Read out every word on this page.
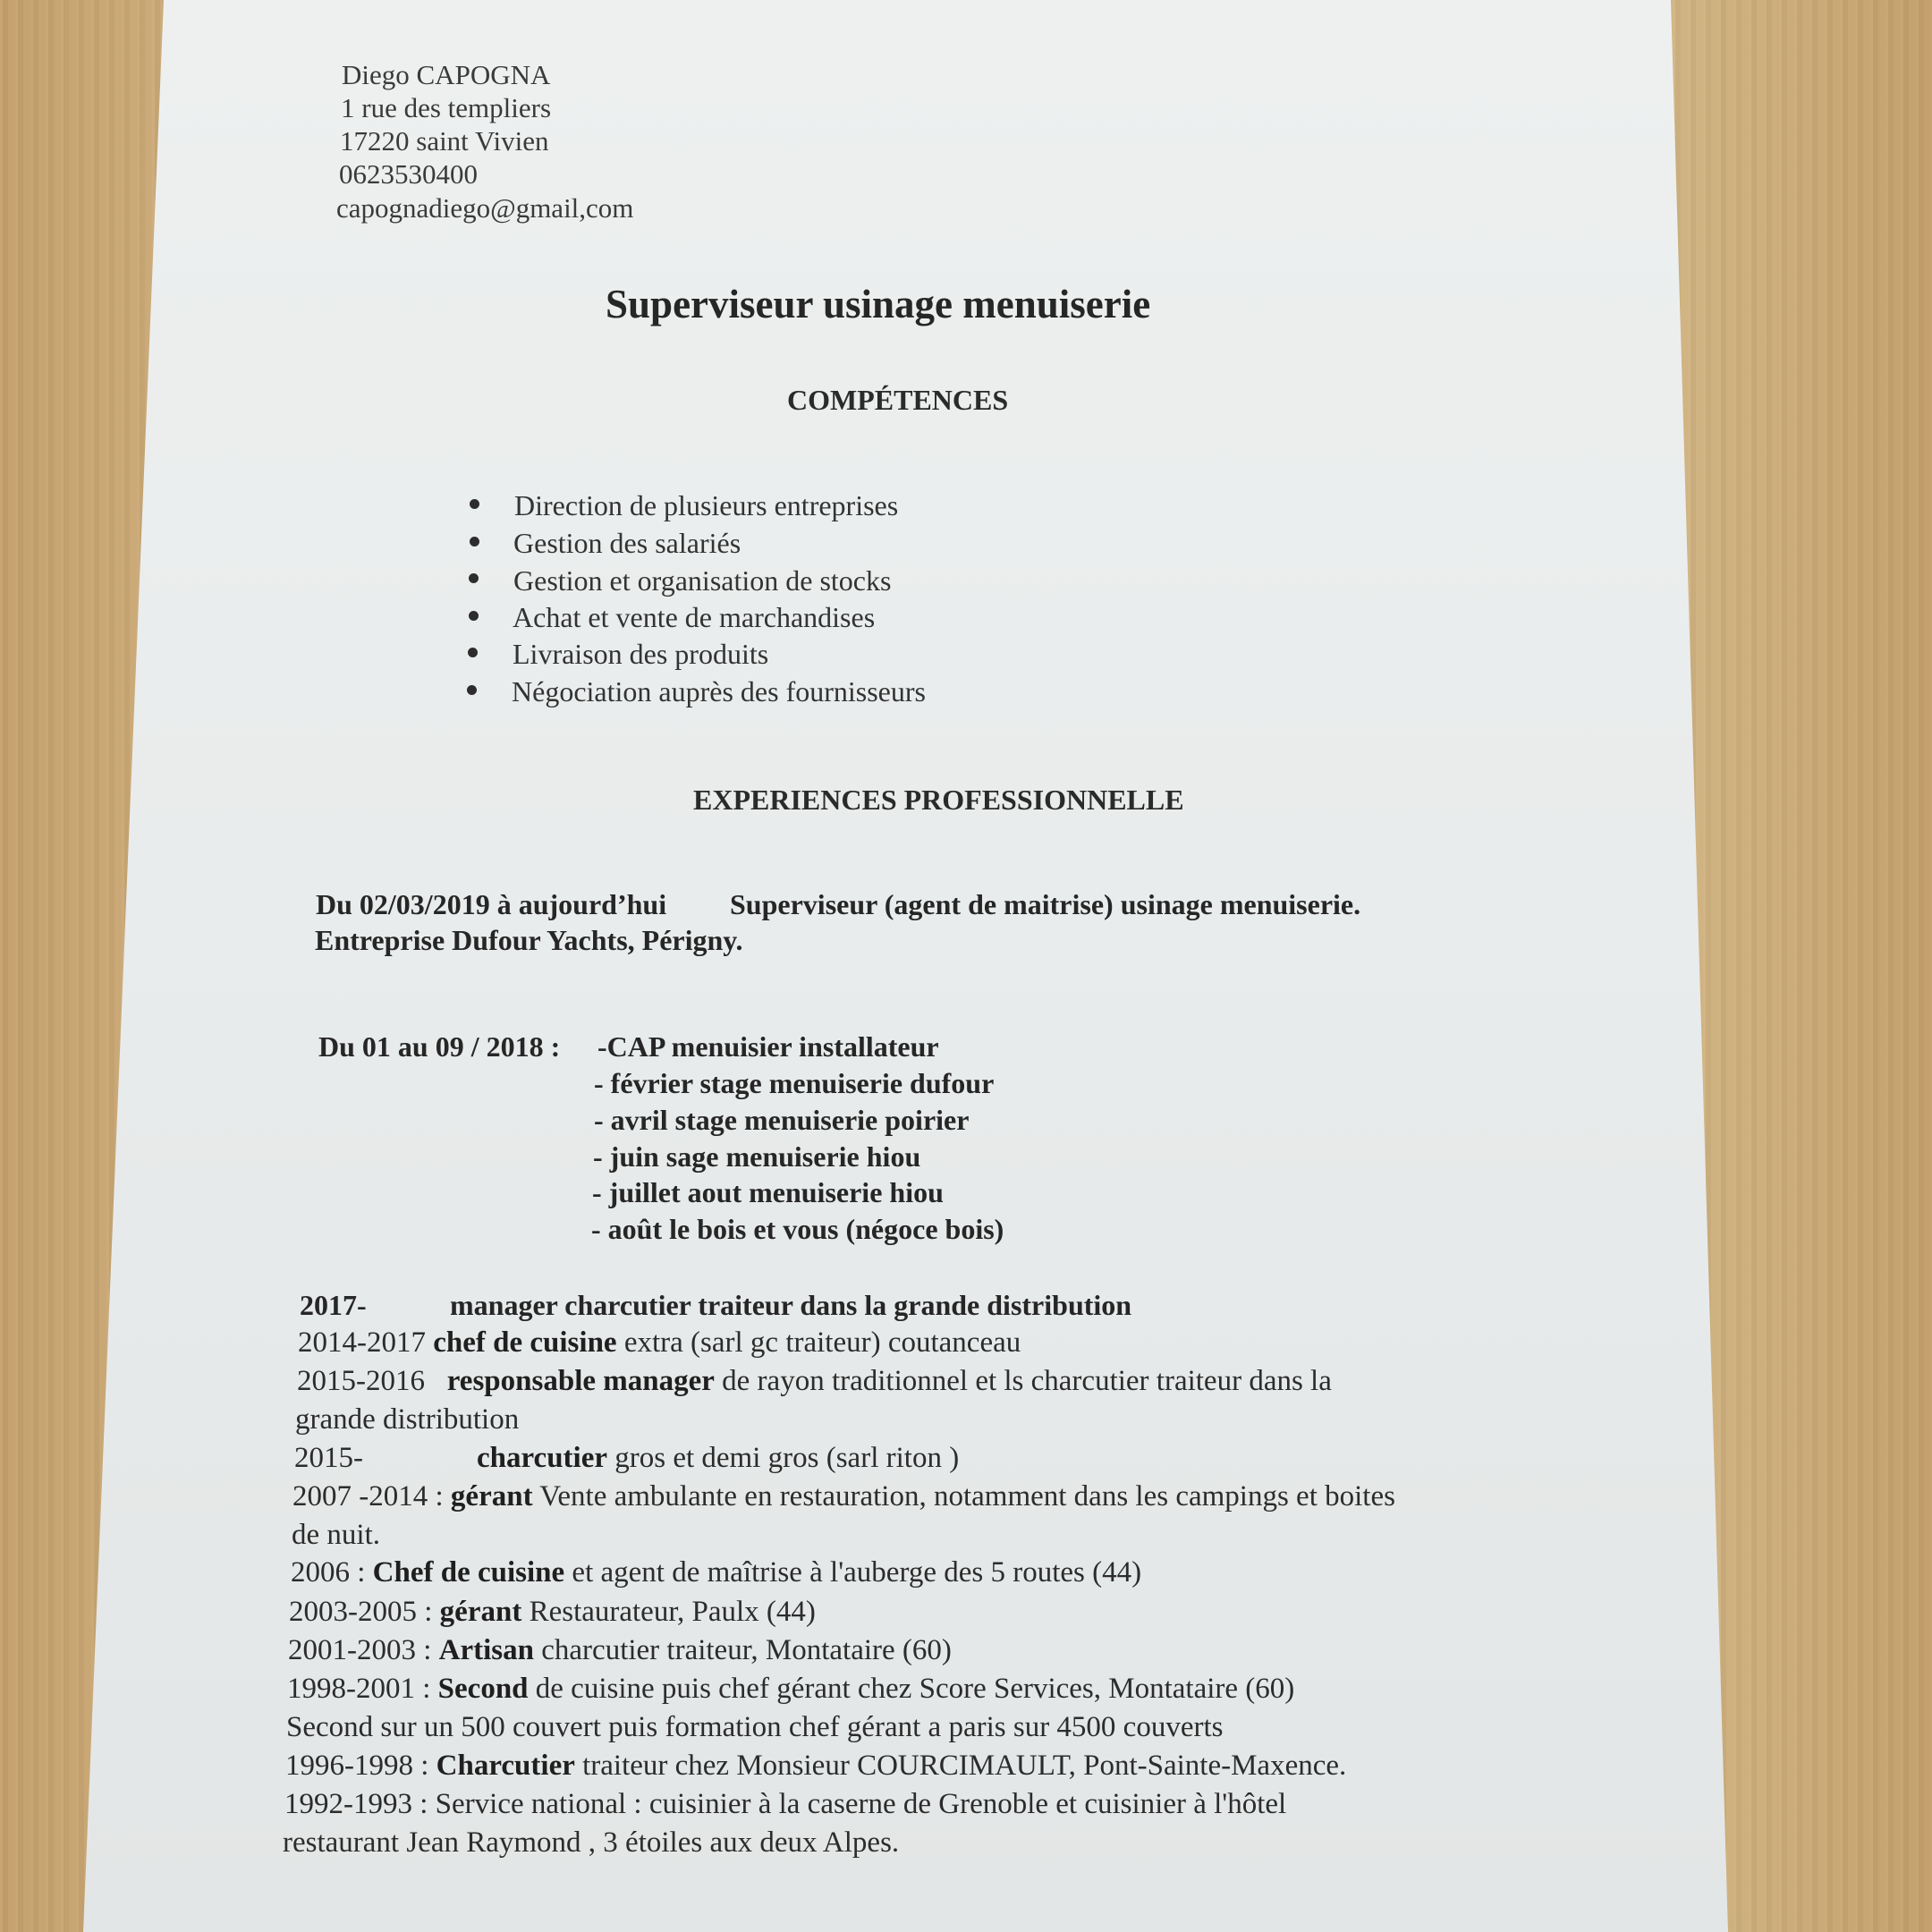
Diego CAPOGNA
1 rue des templiers
17220 saint Vivien
0623530400
capognadiego@gmail,com
Superviseur usinage menuiserie
COMPÉTENCES
Direction de plusieurs entreprises
Gestion des salariés
Gestion et organisation de stocks
Achat et vente de marchandises
Livraison des produits
Négociation auprès des fournisseurs
EXPERIENCES PROFESSIONNELLE
Du 02/03/2019 à aujourd’hui Superviseur (agent de maitrise) usinage menuiserie.
Entreprise Dufour Yachts, Périgny.
Du 01 au 09 / 2018 : -CAP menuisier installateur
- février stage menuiserie dufour
- avril stage menuiserie poirier
- juin sage menuiserie hiou
- juillet aout menuiserie hiou
- août le bois et vous (négoce bois)
2017-	manager charcutier traiteur dans la grande distribution
2014-2017 chef de cuisine extra (sarl gc traiteur) coutanceau
2015-2016 responsable manager de rayon traditionnel et ls charcutier traiteur dans la
grande distribution
2015-	charcutier gros et demi gros (sarl riton )
2007 -2014 : gérant Vente ambulante en restauration, notamment dans les campings et boites
de nuit.
2006 : Chef de cuisine et agent de maîtrise à l'auberge des 5 routes (44)
2003-2005 : gérant Restaurateur, Paulx (44)
2001-2003 : Artisan charcutier traiteur, Montataire (60)
1998-2001 : Second de cuisine puis chef gérant chez Score Services, Montataire (60)
Second sur un 500 couvert puis formation chef gérant a paris sur 4500 couverts
1996-1998 : Charcutier traiteur chez Monsieur COURCIMAULT, Pont-Sainte-Maxence.
1992-1993 : Service national : cuisinier à la caserne de Grenoble et cuisinier à l'hôtel
restaurant Jean Raymond , 3 étoiles aux deux Alpes.
